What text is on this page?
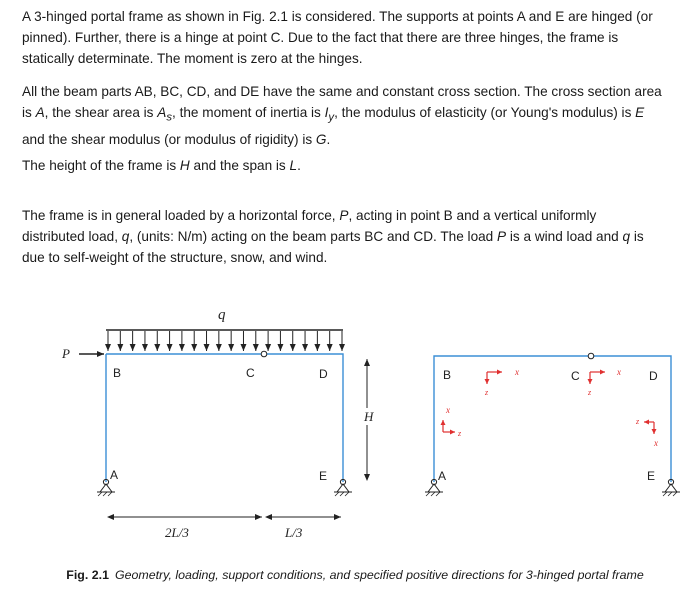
A 3-hinged portal frame as shown in Fig. 2.1 is considered. The supports at points A and E are hinged (or pinned). Further, there is a hinge at point C. Due to the fact that there are three hinges, the frame is statically determinate. The moment is zero at the hinges.

All the beam parts AB, BC, CD, and DE have the same and constant cross section. The cross section area is A, the shear area is $A_s$, the moment of inertia is $I_y$, the modulus of elasticity (or Young's modulus) is E and the shear modulus (or modulus of rigidity) is G.

The height of the frame is H and the span is L.

The frame is in general loaded by a horizontal force, P, acting in point B and a vertical uniformly distributed load, q, (units: N/m) acting on the beam parts BC and CD. The load P is a wind load and q is due to self-weight of the structure, snow, and wind.

q
P
B	C	D
A	E
H
2L/3	L/3
B	C	D
A	E
x
z
x
z
x
z
x
z
Fig. 2.1 Geometry, loading, support conditions, and specified positive directions for 3-hinged portal frame
